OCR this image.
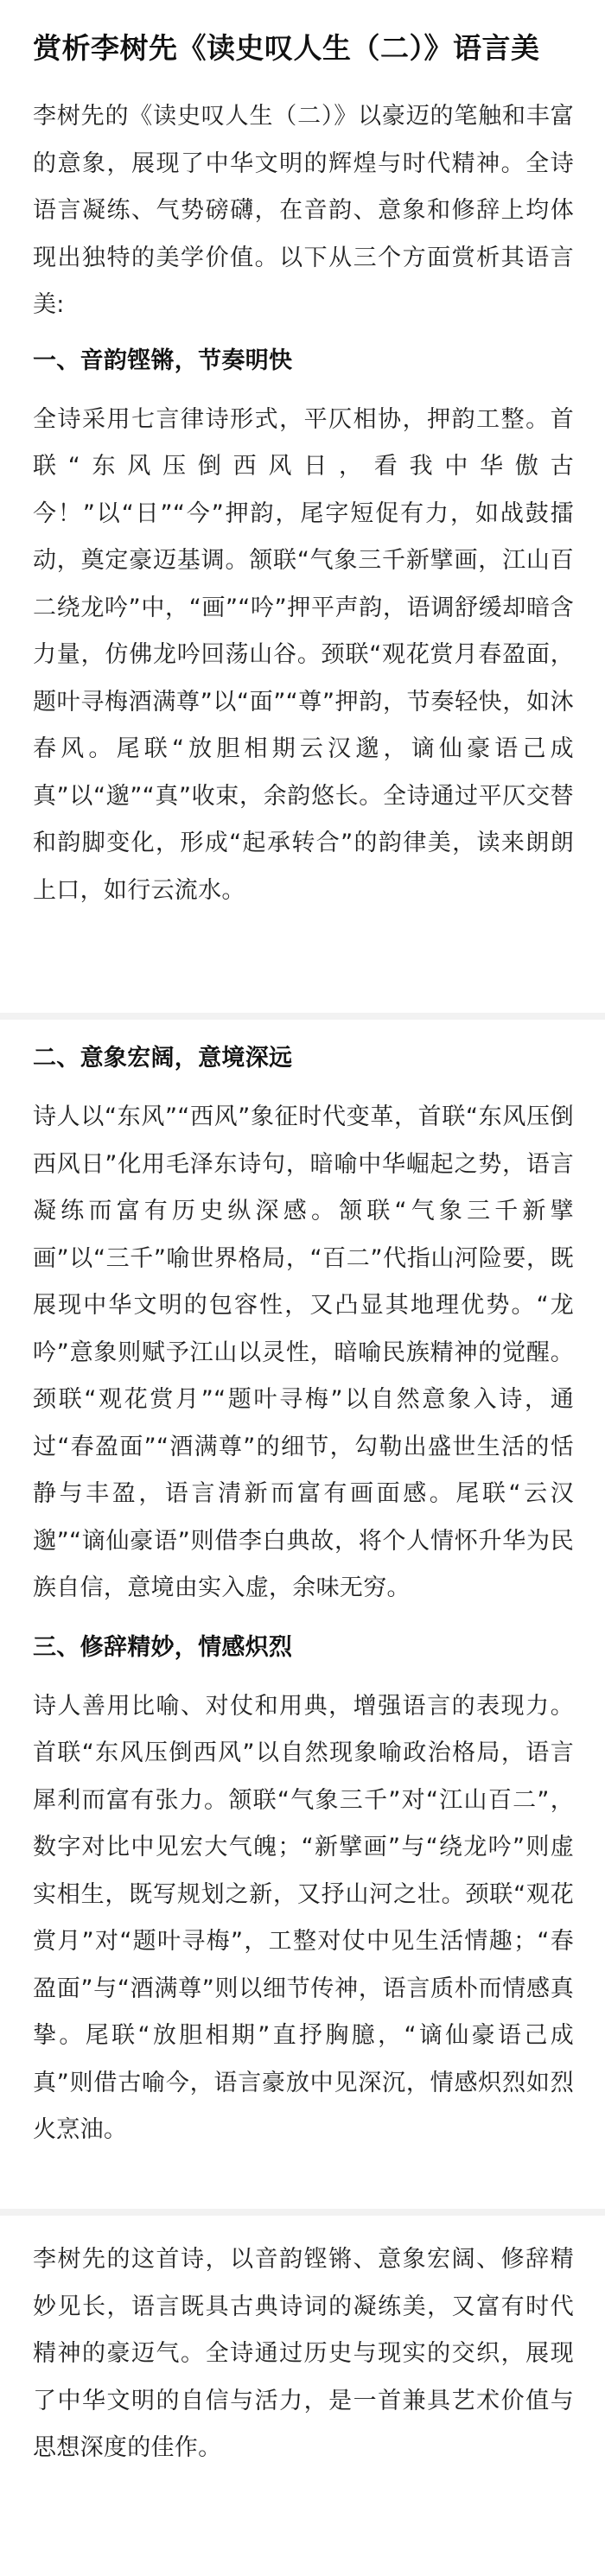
赏析李树先《读史叹人生（二）》语言美

李树先的《读史叹人生（二）》以豪迈的笔触和丰富的意象，展现了中华文明的辉煌与时代精神。全诗语言凝练、气势磅礴，在音韵、意象和修辞上均体现出独特的美学价值。以下从三个方面赏析其语言美:

一、音韵铿锵，节奏明快

全诗采用七言律诗形式，平仄相协，押韵工整。首联“东风压倒西风日，看我中华傲古今！”以“日”“今”押韵，尾字短促有力，如战鼓擂动，奠定豪迈基调。颔联“气象三千新擘画，江山百二绕龙吟”中，“画”“吟”押平声韵，语调舒缓却暗含力量，仿佛龙吟回荡山谷。颈联“观花赏月春盈面，题叶寻梅酒满尊”以“面”“尊”押韵，节奏轻快，如沐春风。尾联“放胆相期云汉邈，谪仙豪语己成真”以“邈”“真”收束，余韵悠长。全诗通过平仄交替和韵脚变化，形成“起承转合”的韵律美，读来朗朗上口，如行云流水。

二、意象宏阔，意境深远

诗人以“东风”“西风”象征时代变革，首联“东风压倒西风日”化用毛泽东诗句，暗喻中华崛起之势，语言凝练而富有历史纵深感。颔联“气象三千新擘画”以“三千”喻世界格局，“百二”代指山河险要，既展现中华文明的包容性，又凸显其地理优势。“龙吟”意象则赋予江山以灵性，暗喻民族精神的觉醒。颈联“观花赏月”“题叶寻梅”以自然意象入诗，通过“春盈面”“酒满尊”的细节，勾勒出盛世生活的恬静与丰盈，语言清新而富有画面感。尾联“云汉邈”“谪仙豪语”则借李白典故，将个人情怀升华为民族自信，意境由实入虚，余味无穷。

三、修辞精妙，情感炽烈

诗人善用比喻、对仗和用典，增强语言的表现力。首联“东风压倒西风”以自然现象喻政治格局，语言犀利而富有张力。颔联“气象三千”对“江山百二”，数字对比中见宏大气魄；“新擘画”与“绕龙吟”则虚实相生，既写规划之新，又抒山河之壮。颈联“观花赏月”对“题叶寻梅”，工整对仗中见生活情趣；“春盈面”与“酒满尊”则以细节传神，语言质朴而情感真挚。尾联“放胆相期”直抒胸臆，“谪仙豪语己成真”则借古喻今，语言豪放中见深沉，情感炽烈如烈火烹油。

李树先的这首诗，以音韵铿锵、意象宏阔、修辞精妙见长，语言既具古典诗词的凝练美，又富有时代精神的豪迈气。全诗通过历史与现实的交织，展现了中华文明的自信与活力，是一首兼具艺术价值与思想深度的佳作。
